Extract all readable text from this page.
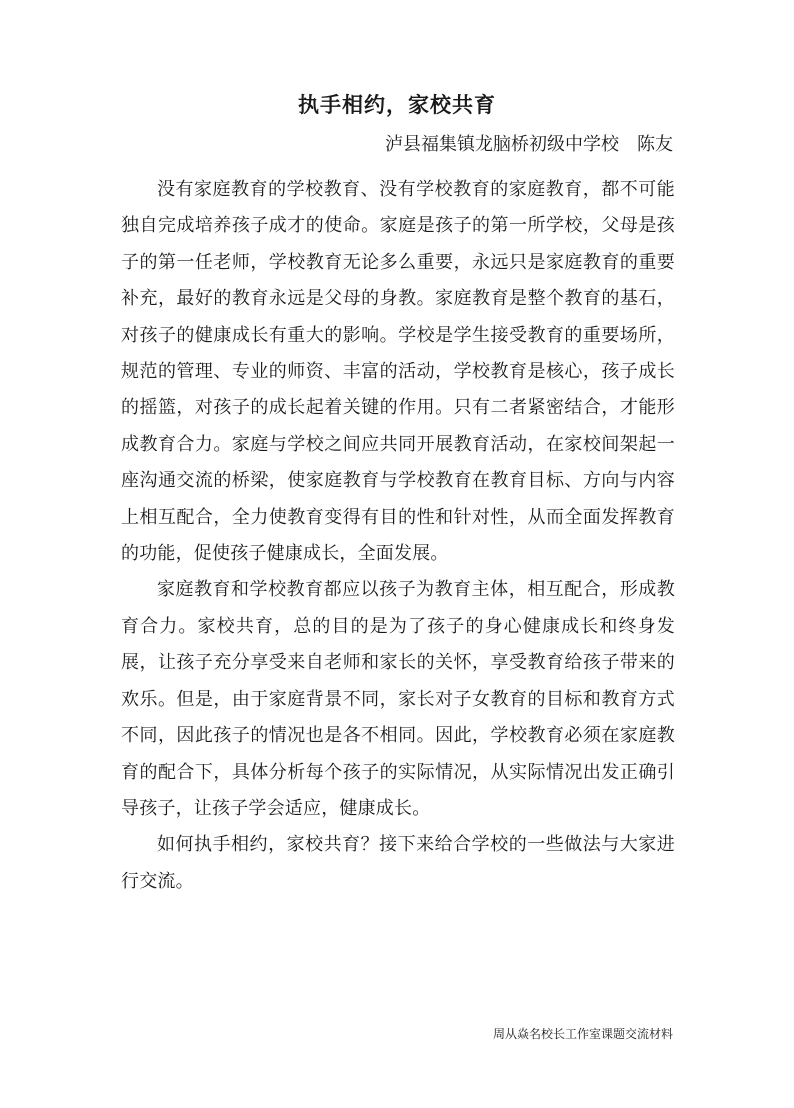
执手相约，家校共育
泸县福集镇龙脑桥初级中学校　陈友

没有家庭教育的学校教育、没有学校教育的家庭教育，都不可能独自完成培养孩子成才的使命。家庭是孩子的第一所学校，父母是孩子的第一任老师，学校教育无论多么重要，永远只是家庭教育的重要补充，最好的教育永远是父母的身教。家庭教育是整个教育的基石，对孩子的健康成长有重大的影响。学校是学生接受教育的重要场所，规范的管理、专业的师资、丰富的活动，学校教育是核心，孩子成长的摇篮，对孩子的成长起着关键的作用。只有二者紧密结合，才能形成教育合力。家庭与学校之间应共同开展教育活动，在家校间架起一座沟通交流的桥梁，使家庭教育与学校教育在教育目标、方向与内容上相互配合，全力使教育变得有目的性和针对性，从而全面发挥教育的功能，促使孩子健康成长，全面发展。

家庭教育和学校教育都应以孩子为教育主体，相互配合，形成教育合力。家校共育，总的目的是为了孩子的身心健康成长和终身发展，让孩子充分享受来自老师和家长的关怀，享受教育给孩子带来的欢乐。但是，由于家庭背景不同，家长对子女教育的目标和教育方式不同，因此孩子的情况也是各不相同。因此，学校教育必须在家庭教育的配合下，具体分析每个孩子的实际情况，从实际情况出发正确引导孩子，让孩子学会适应，健康成长。

如何执手相约，家校共育？接下来给合学校的一些做法与大家进行交流。

周从焱名校长工作室课题交流材料
